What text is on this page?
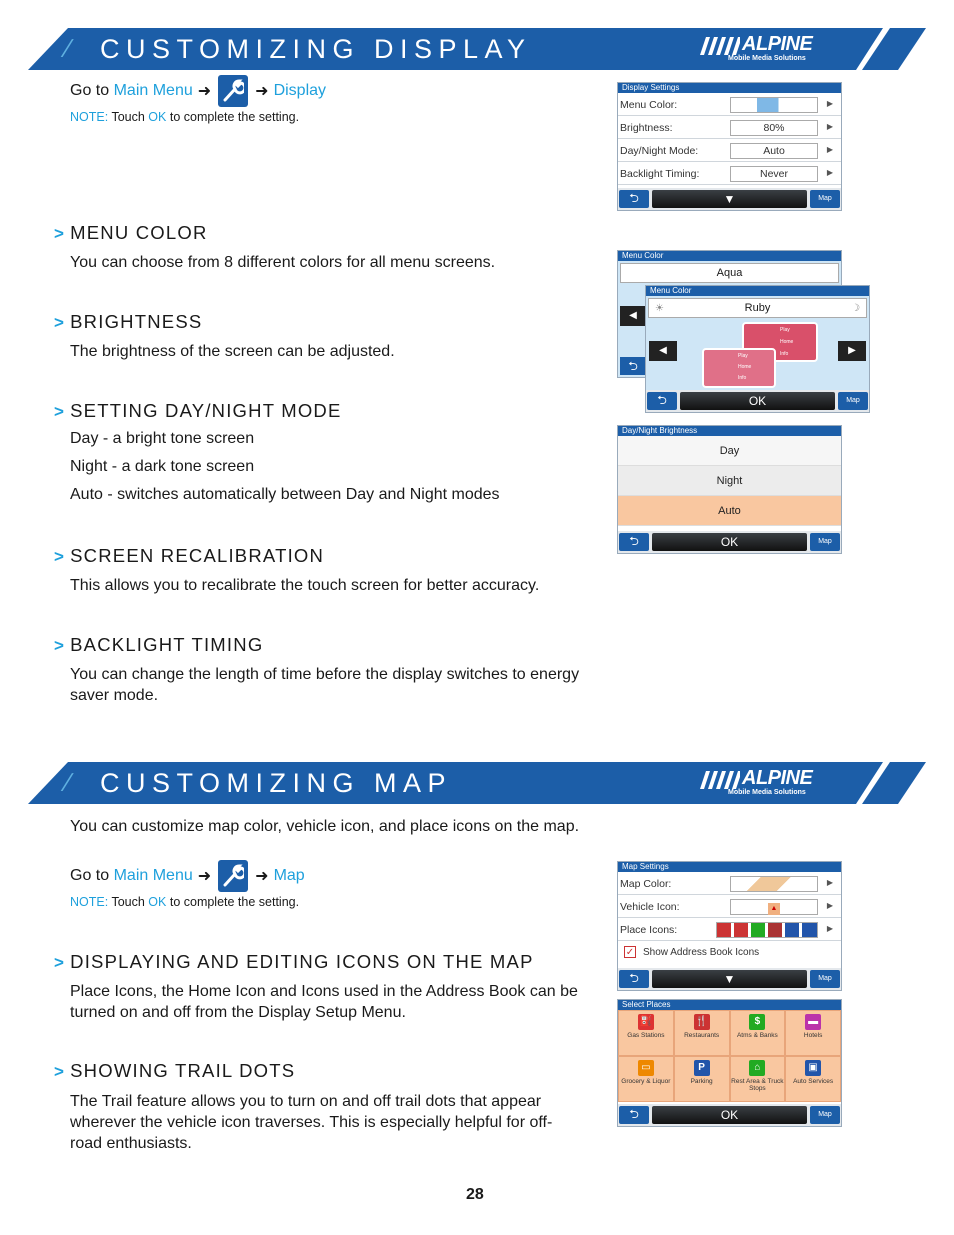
∕ CUSTOMIZING DISPLAY	ALPINE
Mobile Media Solutions
Go to
Main Menu ➜	➜ Display
NOTE: Touch OK to complete the setting.
> MENU COLOR
You can choose from 8 different colors for all menu screens.
> BRIGHTNESS
The brightness of the screen can be adjusted.
> SETTING DAY/NIGHT MODE
Day - a bright tone screen
Night - a dark tone screen
Auto - switches automatically between Day and Night modes
> SCREEN RECALIBRATION
This allows you to recalibrate the touch screen for better accuracy.
> BACKLIGHT TIMING
You can change the length of time before the display switches to energy saver mode.
Display Settings
Menu Color:	▶
Brightness:	80%	▶
Day/Night Mode:	Auto	▶
Backlight Timing:	Never	▶
⮌	▼	Map
Menu Color
Aqua
◀
⮌
Menu Color
☀	Ruby	☽
◀	▶
Play
Home
Info
Play
Home
Info
⮌	OK	Map
Day/Night Brightness
Day
Night
Auto
⮌	OK	Map
∕ CUSTOMIZING MAP	ALPINE
Mobile Media Solutions
You can customize map color, vehicle icon, and place icons on the map.
Go to
Main Menu ➜	➜ Map
NOTE: Touch OK to complete the setting.
> DISPLAYING AND EDITING ICONS ON THE MAP
Place Icons, the Home Icon and Icons used in the Address Book can be turned on and off from the Display Setup Menu.
> SHOWING TRAIL DOTS
The Trail feature allows you to turn on and off trail dots that appear wherever the vehicle icon traverses. This is especially helpful for off-road enthusiasts.
Map Settings
Map Color:	▶
Vehicle Icon:	▲	▶
Place Icons:	▶
✓ Show Address Book Icons
⮌	▼	Map
Select Places
⛽
Gas Stations
🍴
Restaurants
$
Atms & Banks
▬
Hotels
▭
Grocery & Liquor
P
Parking
⌂
Rest Area & Truck Stops
▣
Auto Services
⮌	OK	Map
28
